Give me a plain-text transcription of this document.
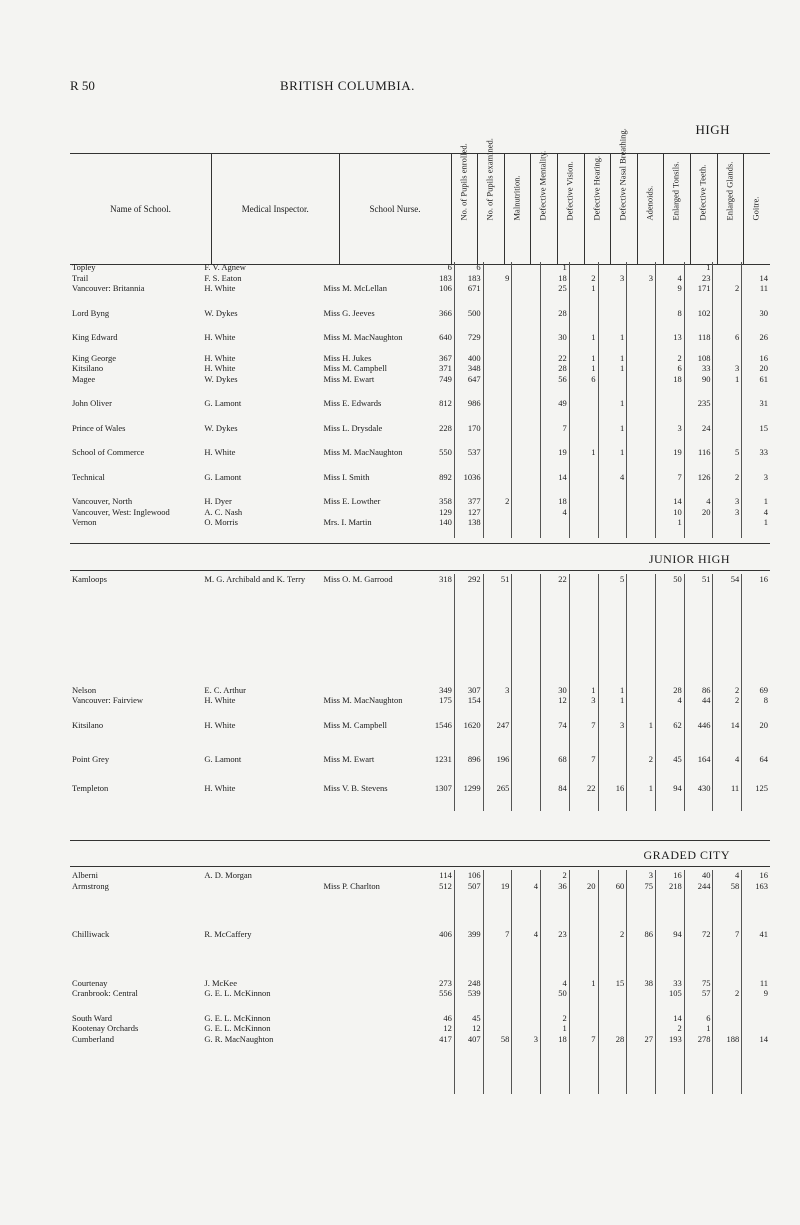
R 50	BRITISH COLUMBIA.
HIGH
Name of School.	Medical Inspector.	School Nurse.	No. of Pupils enrolled.	No. of Pupils examined.	Malnutrition.	Defective Mentality.	Defective Vision.	Defective Hearing.	Defective Nasal Breathing.	Adenoids.	Enlarged Tonsils.	Defective Teeth.	Enlarged Glands.	Goitre.
Topley	F. V. Agnew		6	6			1					1		
Trail	F. S. Eaton		183	183	9		18	2	3	3	4	23		14
Vancouver: Britannia	H. White	Miss M. McLellan	106	671			25	1			9	171	2	11

Lord Byng	W. Dykes	Miss G. Jeeves	366	500			28				8	102		30

King Edward	H. White	Miss M. MacNaughton	640	729			30	1	1		13	118	6	26

King George	H. White	Miss H. Jukes	367	400			22	1	1		2	108		16
Kitsilano	H. White	Miss M. Campbell	371	348			28	1	1		6	33	3	20
Magee	W. Dykes	Miss M. Ewart	749	647			56	6			18	90	1	61

John Oliver	G. Lamont	Miss E. Edwards	812	986			49		1			235		31

Prince of Wales	W. Dykes	Miss L. Drysdale	228	170			7		1		3	24		15

School of Commerce	H. White	Miss M. MacNaughton	550	537			19	1	1		19	116	5	33

Technical	G. Lamont	Miss I. Smith	892	1036			14		4		7	126	2	3

Vancouver, North	H. Dyer	Miss E. Lowther	358	377	2		18				14	4	3	1
Vancouver, West: Inglewood	A. C. Nash		129	127			4				10	20	3	4
Vernon	O. Morris	Mrs. I. Martin	140	138							1			1

JUNIOR HIGH
Kamloops	M. G. Archibald and K. Terry	Miss O. M. Garrood	318	292	51		22		5		50	51	54	16

Nelson	E. C. Arthur		349	307	3		30	1	1		28	86	2	69
Vancouver: Fairview	H. White	Miss M. MacNaughton	175	154			12	3	1		4	44	2	8

Kitsilano	H. White	Miss M. Campbell	1546	1620	247		74	7	3	1	62	446	14	20

Point Grey	G. Lamont	Miss M. Ewart	1231	896	196		68	7		2	45	164	4	64

Templeton	H. White	Miss V. B. Stevens	1307	1299	265		84	22	16	1	94	430	11	125

GRADED CITY
Alberni	A. D. Morgan		114	106			2			3	16	40	4	16
Armstrong		Miss P. Charlton	512	507	19	4	36	20	60	75	218	244	58	163

Chilliwack	R. McCaffery		406	399	7	4	23		2	86	94	72	7	41

Courtenay	J. McKee		273	248			4	1	15	38	33	75		11
Cranbrook: Central	G. E. L. McKinnon		556	539			50				105	57	2	9

South Ward	G. E. L. McKinnon		46	45			2				14	6		
Kootenay Orchards	G. E. L. McKinnon		12	12			1				2	1		
Cumberland	G. R. MacNaughton		417	407	58	3	18	7	28	27	193	278	188	14
